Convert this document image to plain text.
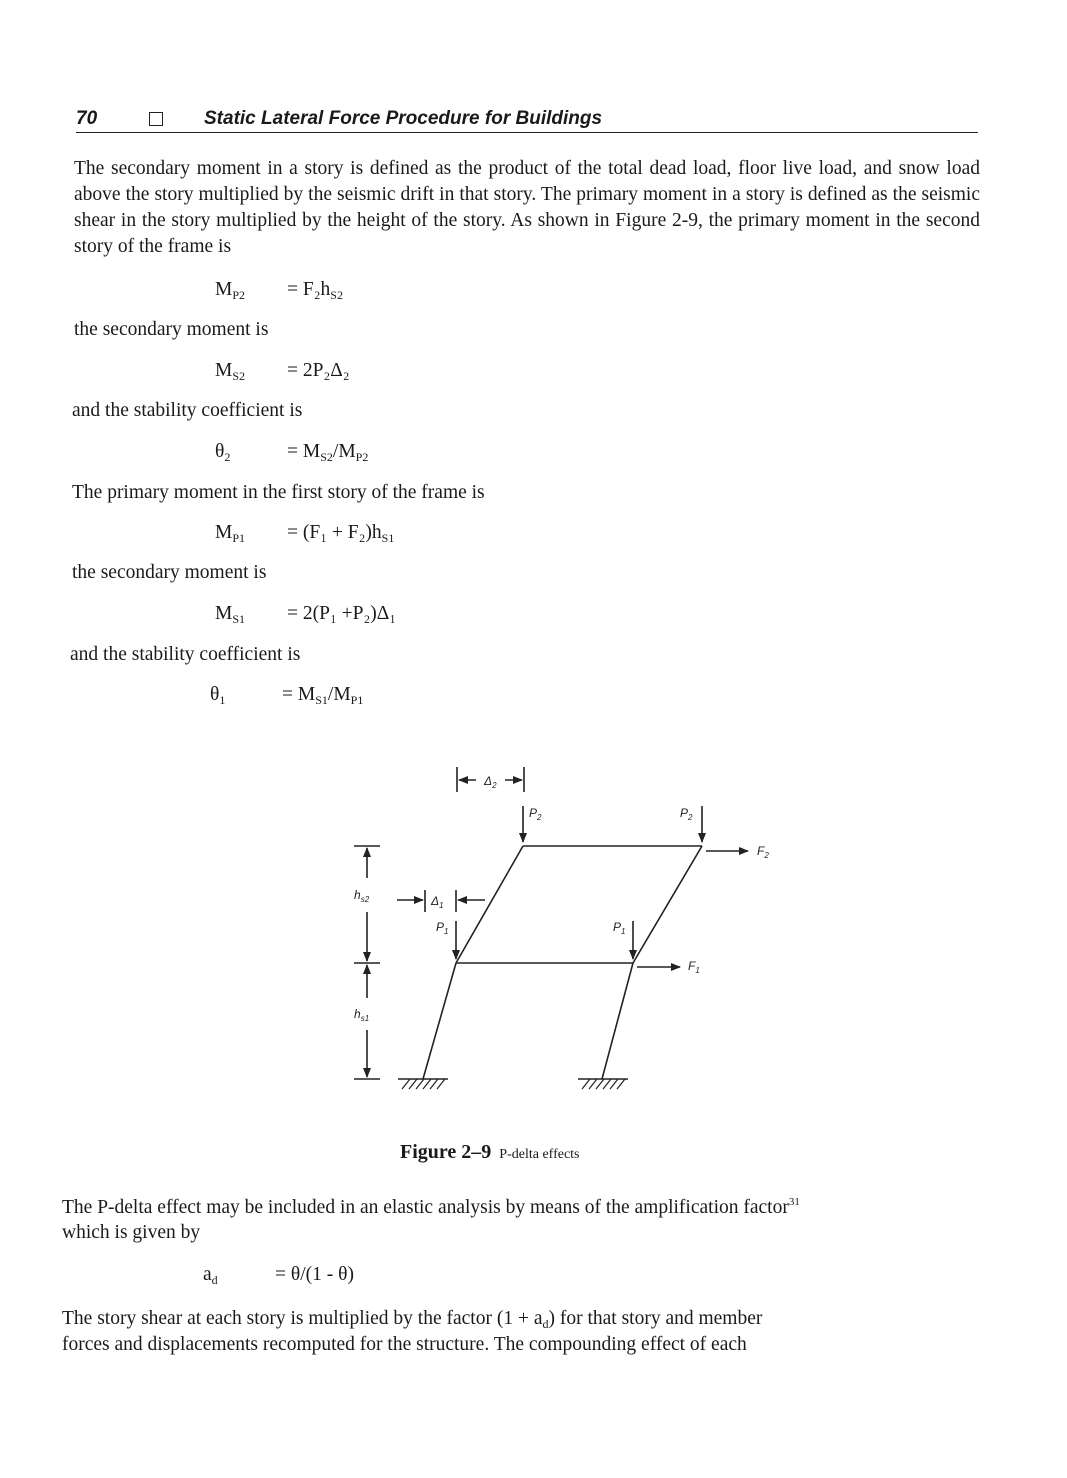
70	Static Lateral Force Procedure for Buildings
The secondary moment in a story is defined as the product of the total dead load, floor live load, and snow load above the story multiplied by the seismic drift in that story. The primary moment in a story is defined as the seismic shear in the story multiplied by the height of the story. As shown in Figure 2-9, the primary moment in the second story of the frame is
$M_{P2} = F_2h_{S2}$
the secondary moment is
$M_{S2} = 2P_2\Delta_2$
and the stability coefficient is
$\theta_2$	= $M_{S2}/M_{P2}$
The primary moment in the first story of the frame is
$M_{P1} = (F_1 + F_2)h_{S1}$
the secondary moment is
$M_{S1} = 2(P_1 +P_2)\Delta_1$
and the stability coefficient is
$\theta_1$	= $M_{S1}/M_{P1}$
$\Delta_2$
$\Delta_1$
$P_2$	$P_2$
$P_1$	$P_1$
$F_2$
$F_1$
$h_{s2}$
$h_{s1}$
Figure 2–9 P-delta effects
The P-delta effect may be included in an elastic analysis by means of the amplification factor$^{31}$
which is given by
$a_d$	= θ/(1 - θ)
The story shear at each story is multiplied by the factor $(1 + a_d)$ for that story and member
forces and displacements recomputed for the structure. The compounding effect of each
